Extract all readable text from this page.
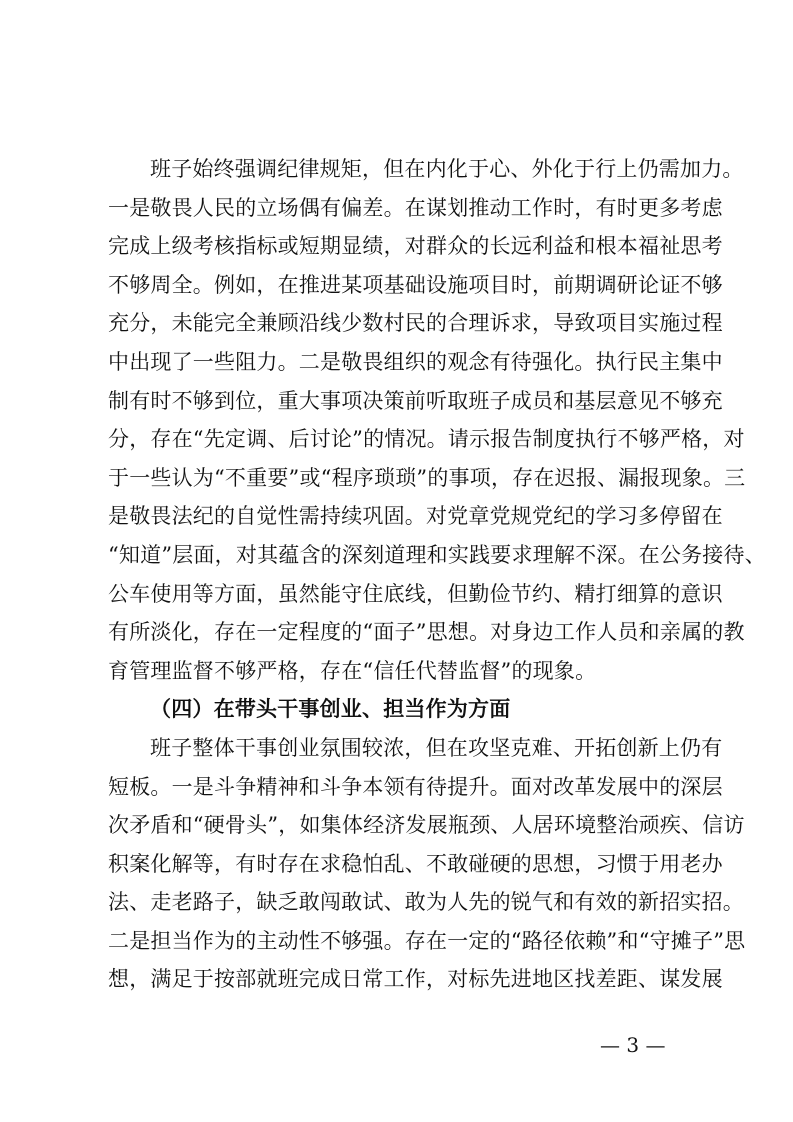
班子始终强调纪律规矩，但在内化于心、外化于行上仍需加力。
一是敬畏人民的立场偶有偏差。在谋划推动工作时，有时更多考虑
完成上级考核指标或短期显绩，对群众的长远利益和根本福祉思考
不够周全。例如，在推进某项基础设施项目时，前期调研论证不够
充分，未能完全兼顾沿线少数村民的合理诉求，导致项目实施过程
中出现了一些阻力。二是敬畏组织的观念有待强化。执行民主集中
制有时不够到位，重大事项决策前听取班子成员和基层意见不够充
分，存在“先定调、后讨论”的情况。请示报告制度执行不够严格，对
于一些认为“不重要”或“程序琐琐”的事项，存在迟报、漏报现象。三
是敬畏法纪的自觉性需持续巩固。对党章党规党纪的学习多停留在
“知道”层面，对其蕴含的深刻道理和实践要求理解不深。在公务接待、
公车使用等方面，虽然能守住底线，但勤俭节约、精打细算的意识
有所淡化，存在一定程度的“面子”思想。对身边工作人员和亲属的教
育管理监督不够严格，存在“信任代替监督”的现象。
（四）在带头干事创业、担当作为方面
班子整体干事创业氛围较浓，但在攻坚克难、开拓创新上仍有
短板。一是斗争精神和斗争本领有待提升。面对改革发展中的深层
次矛盾和“硬骨头”，如集体经济发展瓶颈、人居环境整治顽疾、信访
积案化解等，有时存在求稳怕乱、不敢碰硬的思想，习惯于用老办
法、走老路子，缺乏敢闯敢试、敢为人先的锐气和有效的新招实招。
二是担当作为的主动性不够强。存在一定的“路径依赖”和“守摊子”思
想，满足于按部就班完成日常工作，对标先进地区找差距、谋发展
— 3 —
